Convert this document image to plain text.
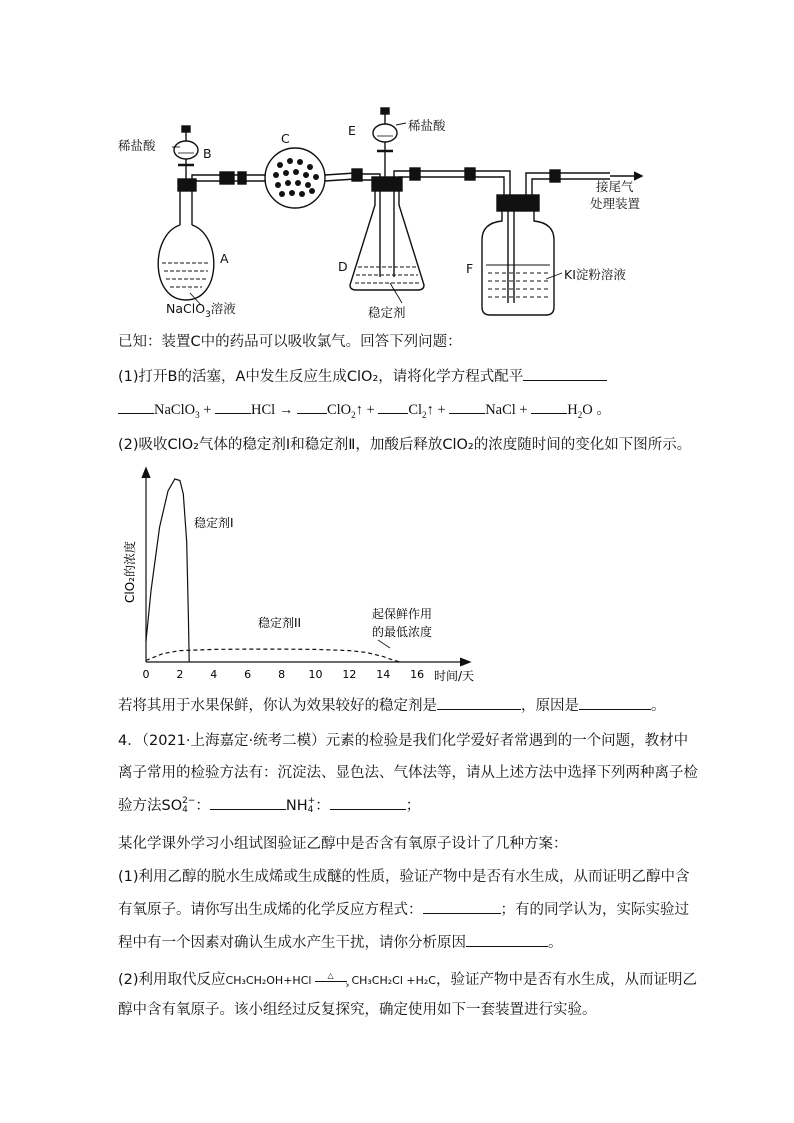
稀盐酸
B
C
E	稀盐酸
A
NaClO$_3$溶液
D
稳定剂
F	KI淀粉溶液
接尾气
处理装置
已知：装置C中的药品可以吸收氯气。回答下列问题：
(1)打开B的活塞，A中发生反应生成ClO₂，请将化学方程式配平
NaClO$_3$ + HCl → ClO$_2$↑ + $Cl_2↑$ + NaCl + $H_2O$ 。
(2)吸收ClO₂气体的稳定剂Ⅰ和稳定剂Ⅱ，加酸后释放ClO₂的浓度随时间的变化如下图所示。
ClO₂的浓度
时间/天
0 2 4 6 8 10 12 14 16
稳定剂I
稳定剂II
起保鲜作用
的最低浓度
若将其用于水果保鲜，你认为效果较好的稳定剂是	，原因是	。
4．（2021·上海嘉定·统考二模）元素的检验是我们化学爱好者常遇到的一个问题，教材中
离子常用的检验方法有：沉淀法、显色法、气体法等，请从上述方法中选择下列两种离子检
验方法SO 2−
4 ：	NH +
4 ：	；
某化学课外学习小组试图验证乙醇中是否含有氧原子设计了几种方案：
(1)利用乙醇的脱水生成烯或生成醚的性质，验证产物中是否有水生成，从而证明乙醇中含
有氧原子。请你写出生成烯的化学反应方程式：	；有的同学认为，实际实验过
程中有一个因素对确认生成水产生干扰，请你分析原因	。
(2)利用取代反应CH₃CH₂OH+HCl	›
△ CH₃CH₂Cl +H₂C，验证产物中是否有水生成，从而证明乙
醇中含有氧原子。该小组经过反复探究，确定使用如下一套装置进行实验。
